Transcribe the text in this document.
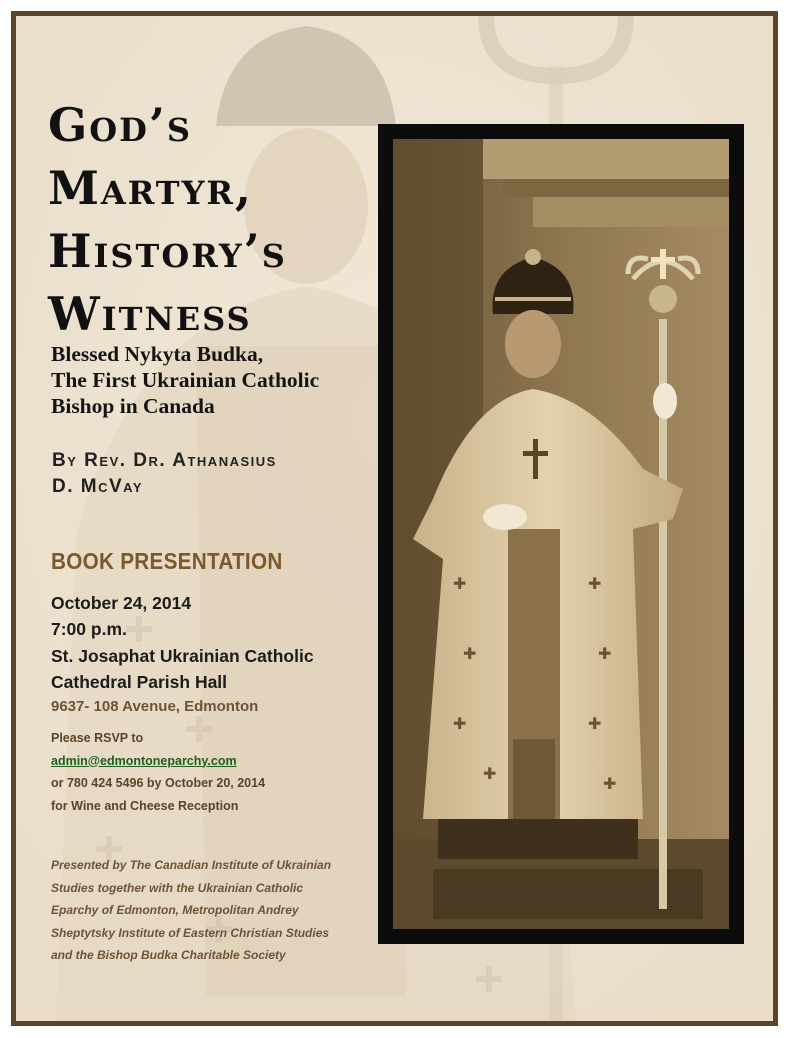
God’s
Martyr,
History’s
Witness
Blessed Nykyta Budka,
The First Ukrainian Catholic
Bishop in Canada
By Rev. Dr. Athanasius
D. McVay
BOOK PRESENTATION
October 24, 2014
7:00 p.m.
St. Josaphat Ukrainian Catholic
Cathedral Parish Hall
9637- 108 Avenue, Edmonton
Please RSVP to
admin@edmontoneparchy.com
or 780 424 5496 by October 20, 2014
for Wine and Cheese Reception
Presented by The Canadian Institute of Ukrainian
Studies together with the Ukrainian Catholic
Eparchy of Edmonton, Metropolitan Andrey
Sheptytsky Institute of Eastern Christian Studies
and the Bishop Budka Charitable Society
✚
✚
✚
✚
✚
✚
✚
✚
